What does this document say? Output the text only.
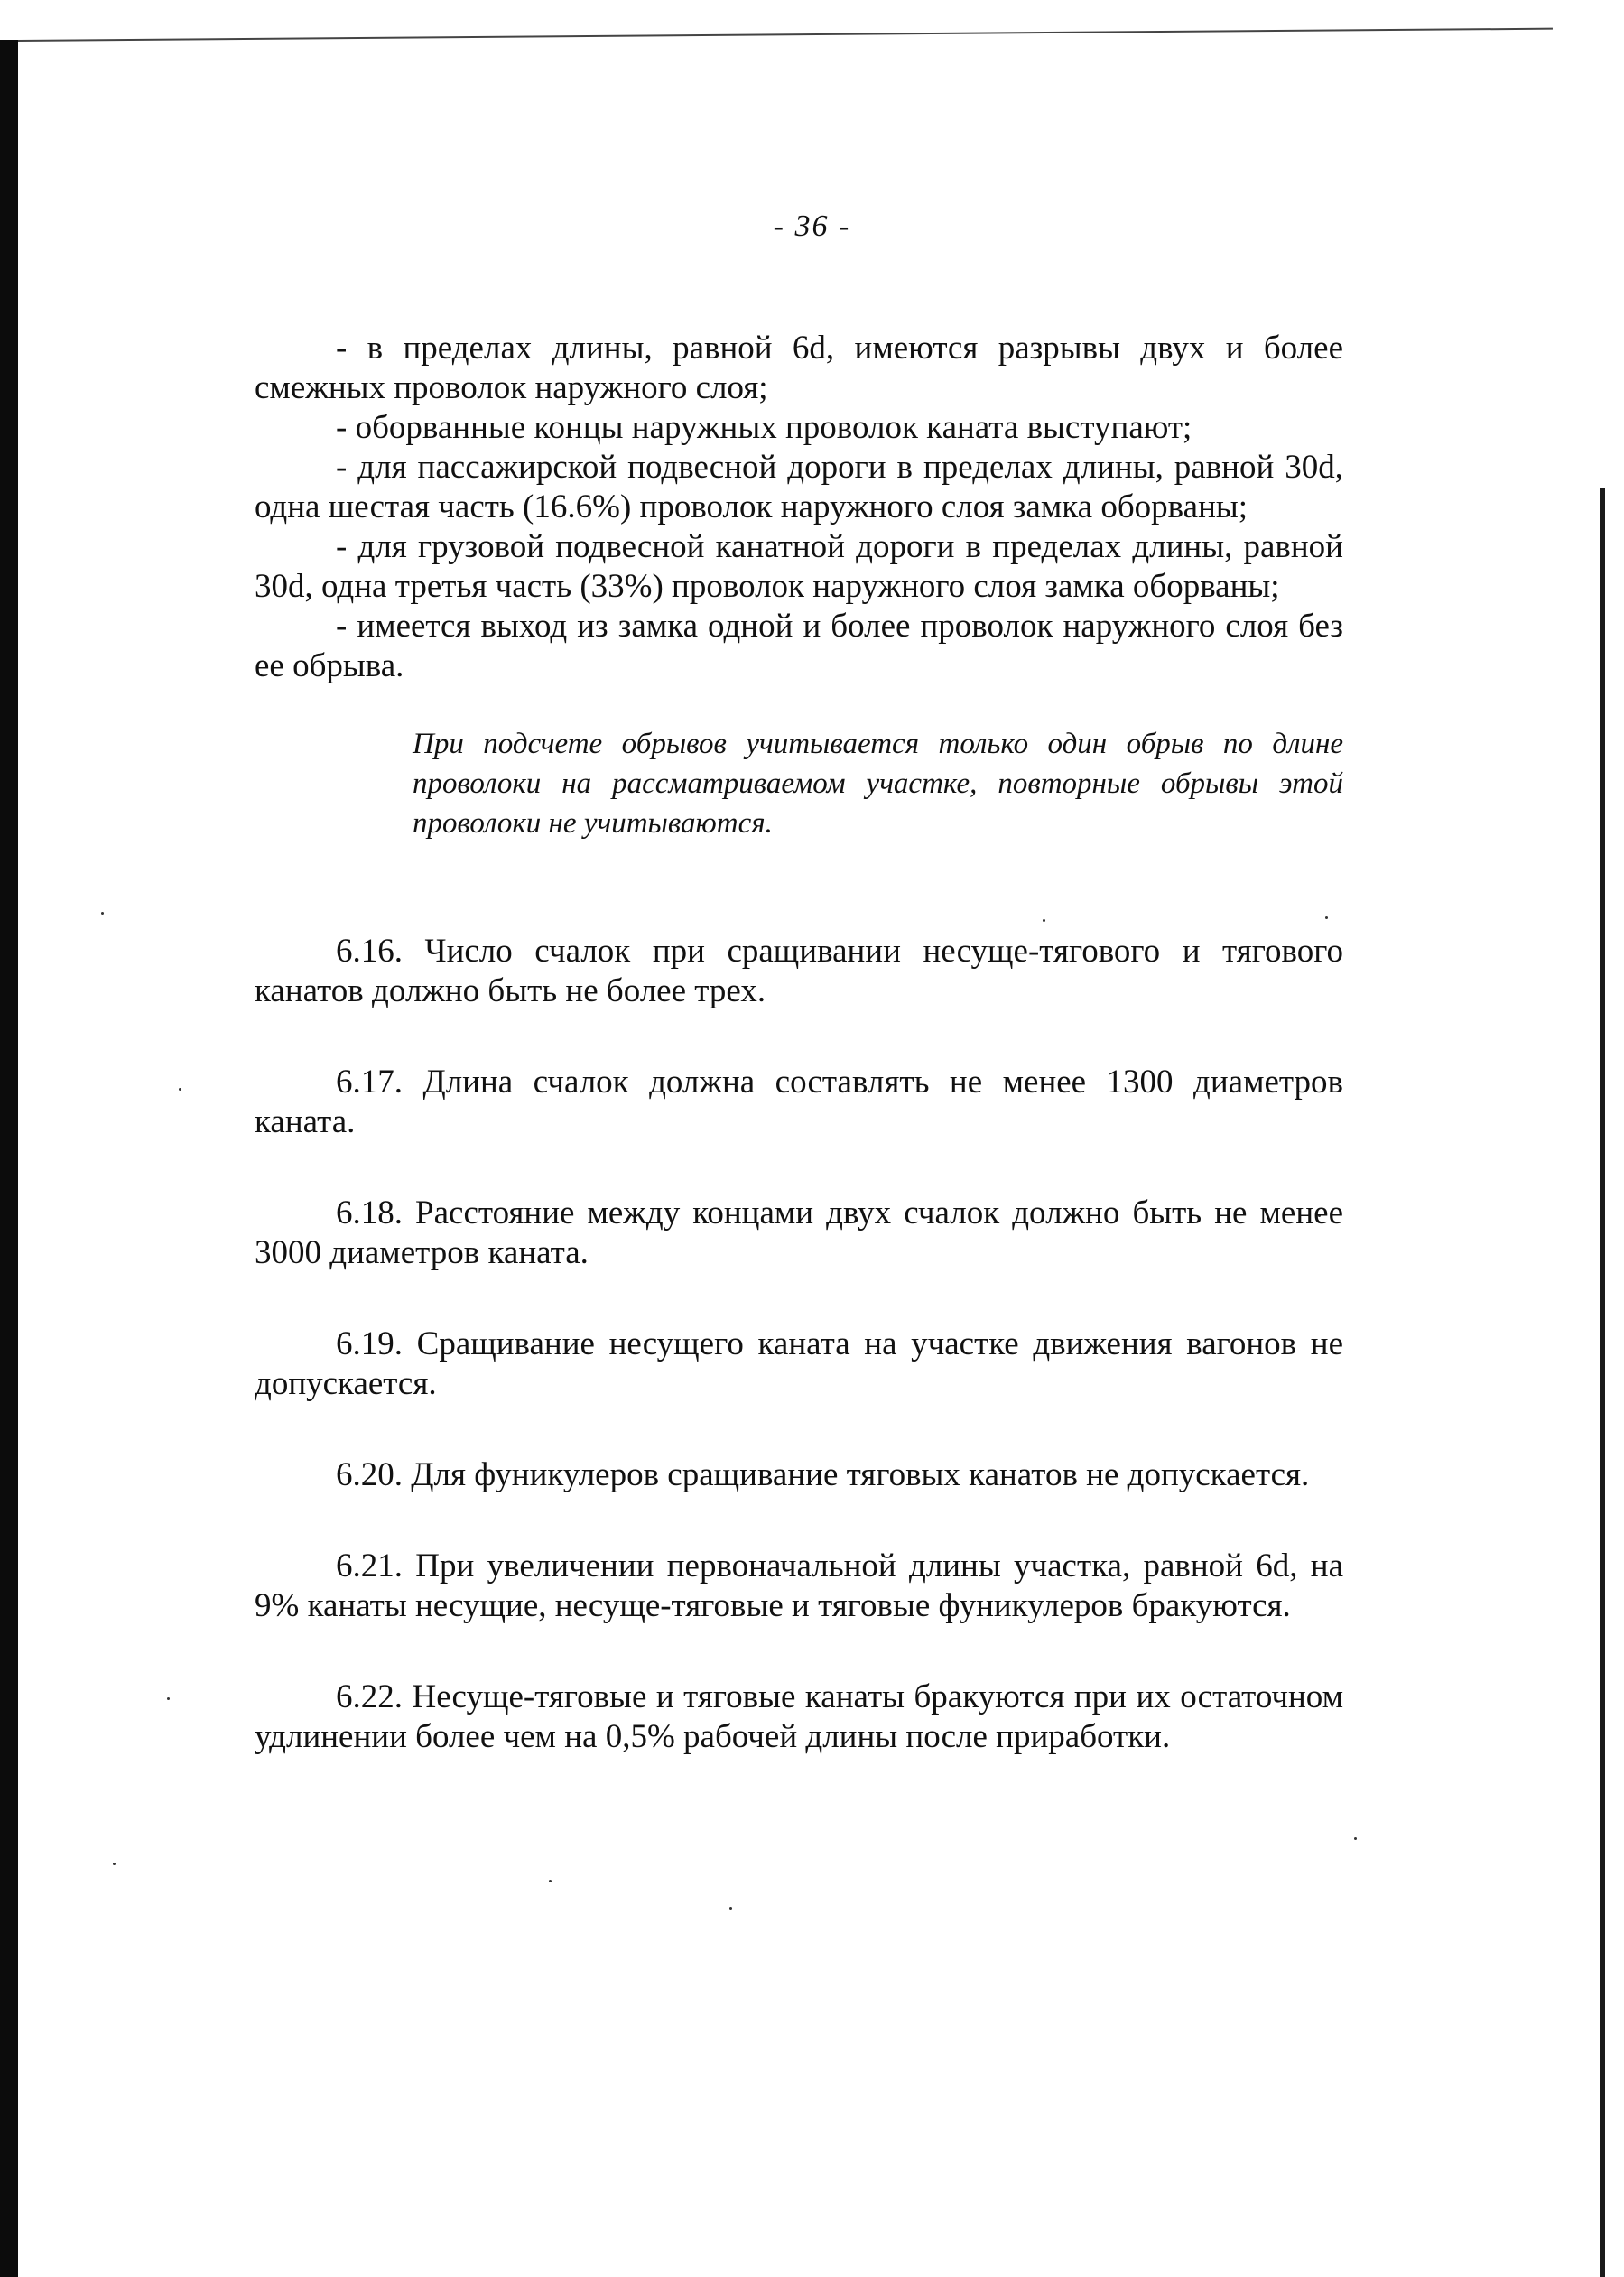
- 36 -

- в пределах длины, равной 6d, имеются разрывы двух и более смежных проволок наружного слоя;

- оборванные концы наружных проволок каната выступают;

- для пассажирской подвесной дороги в пределах длины, равной 30d, одна шестая часть (16.6%) проволок наружного слоя замка оборваны;

- для грузовой подвесной канатной дороги в пределах длины, равной 30d, одна третья часть (33%) проволок наружного слоя замка оборваны;

- имеется выход из замка одной и более проволок наружного слоя без ее обрыва.

При подсчете обрывов учитывается только один обрыв по длине проволоки на рассматриваемом участке, повторные обрывы этой проволоки не учитываются.

6.16. Число счалок при сращивании несуще-тягового и тягового канатов должно быть не более трех.

6.17. Длина счалок должна составлять не менее 1300 диаметров каната.

6.18. Расстояние между концами двух счалок должно быть не менее 3000 диаметров каната.

6.19. Сращивание несущего каната на участке движения вагонов не допускается.

6.20. Для фуникулеров сращивание тяговых канатов не допускается.

6.21. При увеличении первоначальной длины участка, равной 6d, на 9% канаты несущие, несуще-тяговые и тяговые фуникулеров бракуются.

6.22. Несуще-тяговые и тяговые канаты бракуются при их остаточном удлинении более чем на 0,5% рабочей длины после приработки.
